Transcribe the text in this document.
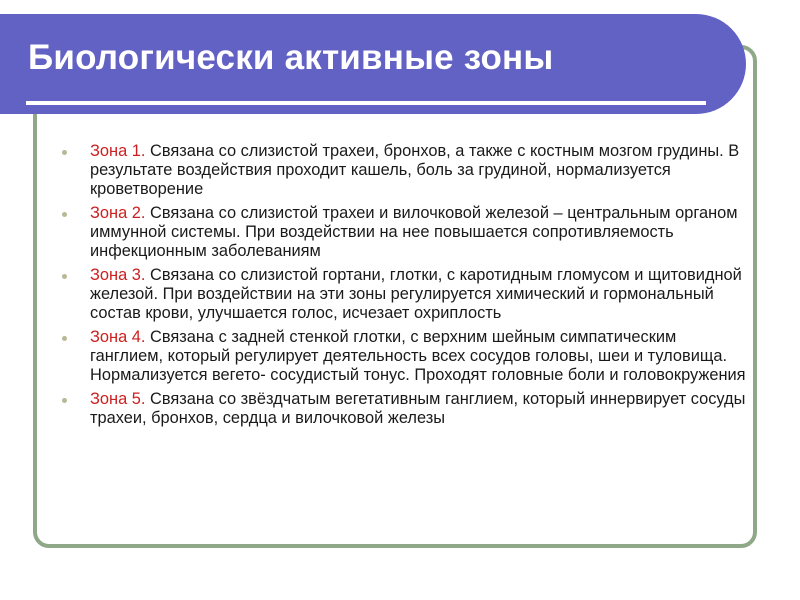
Биологически активные зоны
Зона 1. Связана со слизистой трахеи, бронхов, а также с костным мозгом грудины. В результате воздействия проходит кашель, боль за грудиной, нормализуется кроветворение
Зона 2. Связана со слизистой трахеи и вилочковой железой – центральным органом иммунной системы. При воздействии на нее повышается сопротивляемость инфекционным заболеваниям
Зона 3. Связана со слизистой гортани, глотки, с каротидным гломусом и щитовидной железой. При воздействии на эти зоны регулируется химический и гормональный состав крови, улучшается голос, исчезает охриплость
Зона 4. Связана с задней стенкой глотки, с верхним шейным симпатическим ганглием, который регулирует деятельность всех сосудов головы, шеи и туловища. Нормализуется вегето- сосудистый тонус. Проходят головные боли и головокружения
Зона 5. Связана со звёздчатым вегетативным ганглием, который иннервирует сосуды трахеи, бронхов, сердца и вилочковой железы
